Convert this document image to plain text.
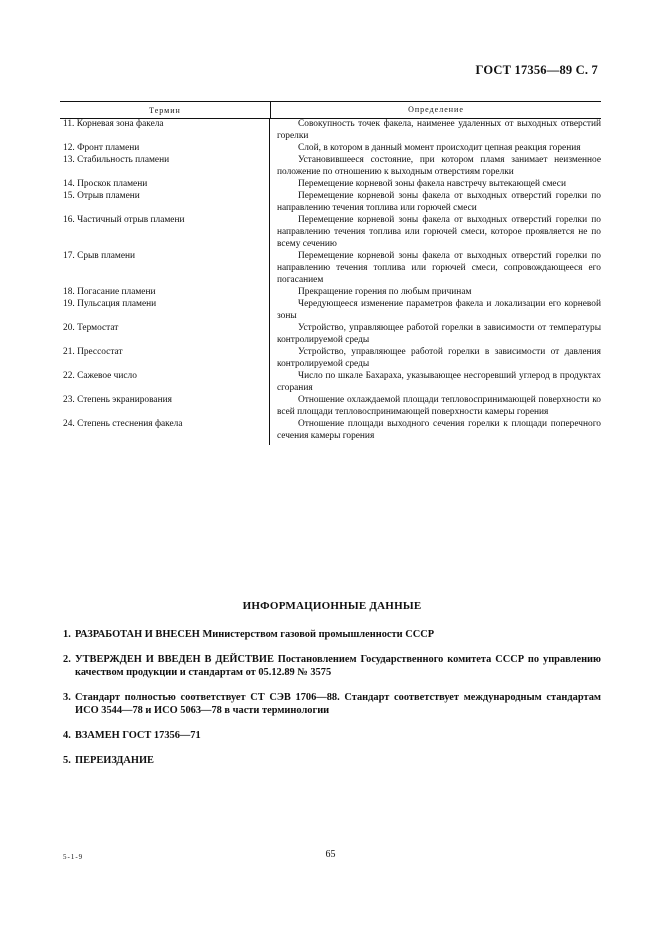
ГОСТ 17356—89 С. 7
Термин	Определение
11. Корневая зона факела	Совокупность точек факела, наименее удаленных от выходных отверстий горелки
12. Фронт пламени	Слой, в котором в данный момент происходит цепная реакция горения
13. Стабильность пламени	Установившееся состояние, при котором пламя занимает неизменное положение по отношению к выходным отверстиям горелки
14. Проскок пламени	Перемещение корневой зоны факела навстречу вытекающей смеси
15. Отрыв пламени	Перемещение корневой зоны факела от выходных отверстий горелки по направлению течения топлива или горючей смеси
16. Частичный отрыв пламени	Перемещение корневой зоны факела от выходных отверстий горелки по направлению течения топлива или горючей смеси, которое проявляется не по всему сечению
17. Срыв пламени	Перемещение корневой зоны факела от выходных отверстий горелки по направлению течения топлива или горючей смеси, сопровождающееся его погасанием
18. Погасание пламени	Прекращение горения по любым причинам
19. Пульсация пламени	Чередующееся изменение параметров факела и локализации его корневой зоны
20. Термостат	Устройство, управляющее работой горелки в зависимости от температуры контролируемой среды
21. Прессостат	Устройство, управляющее работой горелки в зависимости от давления контролируемой среды
22. Сажевое число	Число по шкале Бахараха, указывающее несгоревший углерод в продуктах сгорания
23. Степень экранирования	Отношение охлаждаемой площади тепловоспринимающей поверхности ко всей площади тепловоспринимающей поверхности камеры горения
24. Степень стеснения факела	Отношение площади выходного сечения горелки к площади поперечного сечения камеры горения
ИНФОРМАЦИОННЫЕ ДАННЫЕ
1. РАЗРАБОТАН И ВНЕСЕН Министерством газовой промышленности СССР
2. УТВЕРЖДЕН И ВВЕДЕН В ДЕЙСТВИЕ Постановлением Государственного комитета СССР по управлению качеством продукции и стандартам от 05.12.89 № 3575
3. Стандарт полностью соответствует СТ СЭВ 1706—88. Стандарт соответствует международным стандартам ИСО 3544—78 и ИСО 5063—78 в части терминологии
4. ВЗАМЕН ГОСТ 17356—71
5. ПЕРЕИЗДАНИЕ
5-1-9	65
